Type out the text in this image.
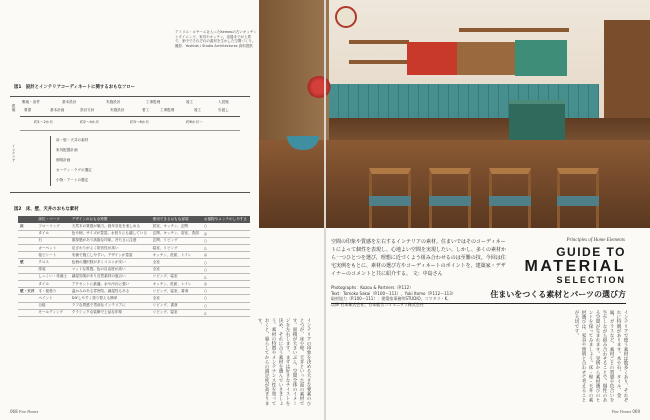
アトリエ・ロヤーエ社入ったKemeoの古いキッチンとダイニング。家具やキッチン、食器までが上質で、家中でそれぞれの素材を生かした空間づくり。
撮影：Yoshida / Studio Architectures 資料提供
図1　設計とインテリアコーディネートに関するおもなフロー
建築
インテリア
敷地・条件	基本設計	実施設計	工事監理	竣工	入居後
要望	基本計画	設計方針	実施設計	着工	工事監理	竣工	引渡し
約1〜2か月	約2〜4か月	約3〜6か月	約6か月〜
床・壁・天井の素材
家具配置計画
照明計画
カーテン・ラグの選定
小物・アートの選定
図2　床、壁、天井のおもな素材
	部位・パーツ	デザインのおもな特徴	使用できるおもな部屋	お掃除やメンテのしやすさ
床	フローリング	天然木の質感が魅力。経年変化を楽しめる	居室、キッチン、玄関	○
	タイル	色や柄、サイズが豊富。水回りにも適している	玄関、キッチン、浴室、洗面	◎
	石	重厚感があり高級な印象。冷たさに注意	玄関、リビング	○
	カーペット	足ざわりがよく防音性が高い	寝室、リビング	△
	塩ビシート	安価で施工しやすい。デザインが豊富	キッチン、洗面、トイレ	◎
壁	クロス	色柄の選択肢が多くコストが安い	全室	○
	塗装	マットな質感。色の自由度が高い	全室	○
	しっくい・珪藻土	調湿効果があり自然素材の風合い	リビング、寝室	△
	タイル	アクセントに最適。水や汚れに強い	キッチン、洗面、トイレ	◎
壁・天井	木・板張り	温かみのある雰囲気。調湿性もある	リビング、寝室、書斎	○
	ペイント	DIYしやすく塗り替えも簡単	全室	○
	合板	ラフな質感で男前なインテリアに	リビング、書斎	○
	モールディング	クラシックな装飾で上品な印象	リビング、寝室	△
インテリアの印象を決める大きな要素のひとつが、床や壁、天井といった面の素材です。面積が大きいぶん、空間全体のイメージを左右します。まずは好きなテイストを決め、それに合う素材を選んでいきましょう。素材の特徴やメンテナンス性を知っておくと、暮らしてからの満足度が高まります。
068 Fine Homes
空間の印象や質感を左右するインテリアの素材。住まいではそのコーディネートによって個性を表現し、心地よい空間を実現したい。しかし、多くの素材から一つひとつを選び、理想に近づくよう組み合わせるのは至難の技。今回は住宅実例をもとに、素材の選び方やコーディネートのポイントを、建築家・デザイナーのコメントと共に紹介する。 文：中島さん
Photographs：Kozou & Partners（P.112）
Text：Tomoko Sakai（P.100〜111）、Yuki Itomo（P.112〜113）
取材協力（P.100〜111）：建築家事務所STUDIO、コマタリ・K，
以降 石本株式会社、日本総合コミュニティ株式会社
Principles of Home Elements
GUIDE TO
MATERIAL
SELECTION
住まいをつくる素材とパーツの選び方
インテリアで使う素材は数多くあり、それぞれに特徴があります。木や石、タイル、金属、ガラスなど、素材ごとの質感や色合いを生かしながら組み合わせることで、個性のある空間が生まれます。実例から素材選びのヒントを探ってみましょう。床・壁・天井の素材選びは、家具や照明と合わせて考えることが大切です。
Fine Homes 069
